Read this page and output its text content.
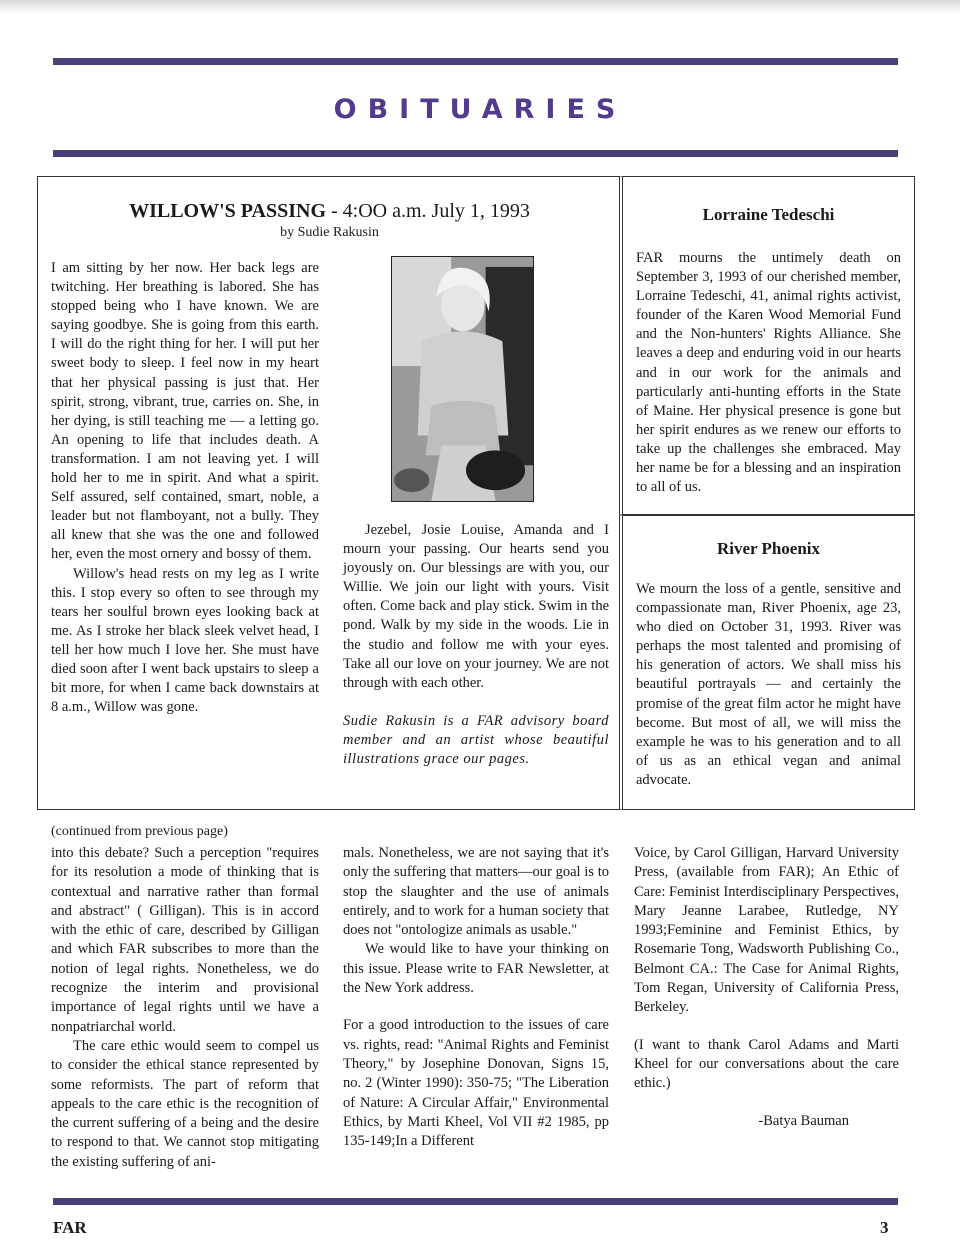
OBITUARIES
WILLOW'S PASSING - 4:OO a.m. July 1, 1993
by Sudie Rakusin

I am sitting by her now. Her back legs are twitching. Her breathing is labored. She has stopped being who I have known. We are saying goodbye. She is going from this earth. I will do the right thing for her. I will put her sweet body to sleep. I feel now in my heart that her physical passing is just that. Her spirit, strong, vibrant, true, carries on. She, in her dying, is still teaching me — a letting go. An opening to life that includes death. A transformation. I am not leaving yet. I will hold her to me in spirit. And what a spirit. Self assured, self contained, smart, noble, a leader but not flamboyant, not a bully. They all knew that she was the one and followed her, even the most ornery and bossy of them.

Willow's head rests on my leg as I write this. I stop every so often to see through my tears her soulful brown eyes looking back at me. As I stroke her black sleek velvet head, I tell her how much I love her. She must have died soon after I went back upstairs to sleep a bit more, for when I came back downstairs at 8 a.m., Willow was gone.

Jezebel, Josie Louise, Amanda and I mourn your passing. Our hearts send you joyously on. Our blessings are with you, our Willie. We join our light with yours. Visit often. Come back and play stick. Swim in the pond. Walk by my side in the woods. Lie in the studio and follow me with your eyes. Take all our love on your journey. We are not through with each other.

Sudie Rakusin is a FAR advisory board member and an artist whose beautiful illustrations grace our pages.

Lorraine Tedeschi
FAR mourns the untimely death on September 3, 1993 of our cherished member, Lorraine Tedeschi, 41, animal rights activist, founder of the Karen Wood Memorial Fund and the Non-hunters' Rights Alliance. She leaves a deep and enduring void in our hearts and in our work for the animals and particularly anti-hunting efforts in the State of Maine. Her physical presence is gone but her spirit endures as we renew our efforts to take up the challenges she embraced. May her name be for a blessing and an inspiration to all of us.
River Phoenix
We mourn the loss of a gentle, sensitive and compassionate man, River Phoenix, age 23, who died on October 31, 1993. River was perhaps the most talented and promising of his generation of actors. We shall miss his beautiful portrayals — and certainly the promise of the great film actor he might have become. But most of all, we will miss the example he was to his generation and to all of us as an ethical vegan and animal advocate.
(continued from previous page)

into this debate? Such a perception "requires for its resolution a mode of thinking that is contextual and narrative rather than formal and abstract" ( Gilligan). This is in accord with the ethic of care, described by Gilligan and which FAR subscribes to more than the notion of legal rights. Nonetheless, we do recognize the interim and provisional importance of legal rights until we have a nonpatriarchal world.

The care ethic would seem to compel us to consider the ethical stance represented by some reformists. The part of reform that appeals to the care ethic is the recognition of the current suffering of a being and the desire to respond to that. We cannot stop mitigating the existing suffering of ani-

mals. Nonetheless, we are not saying that it's only the suffering that matters—our goal is to stop the slaughter and the use of animals entirely, and to work for a human society that does not "ontologize animals as usable."

We would like to have your thinking on this issue. Please write to FAR Newsletter, at the New York address.

For a good introduction to the issues of care vs. rights, read: "Animal Rights and Feminist Theory," by Josephine Donovan, Signs 15, no. 2 (Winter 1990): 350-75; "The Liberation of Nature: A Circular Affair," Environmental Ethics, by Marti Kheel, Vol VII #2 1985, pp 135-149;In a Different

Voice, by Carol Gilligan, Harvard University Press, (available from FAR); An Ethic of Care: Feminist Interdisciplinary Perspectives, Mary Jeanne Larabee, Rutledge, NY 1993;Feminine and Feminist Ethics, by Rosemarie Tong, Wadsworth Publishing Co., Belmont CA.: The Case for Animal Rights, Tom Regan, University of California Press, Berkeley.

(I want to thank Carol Adams and Marti Kheel for our conversations about the care ethic.)

-Batya Bauman

FAR	3
